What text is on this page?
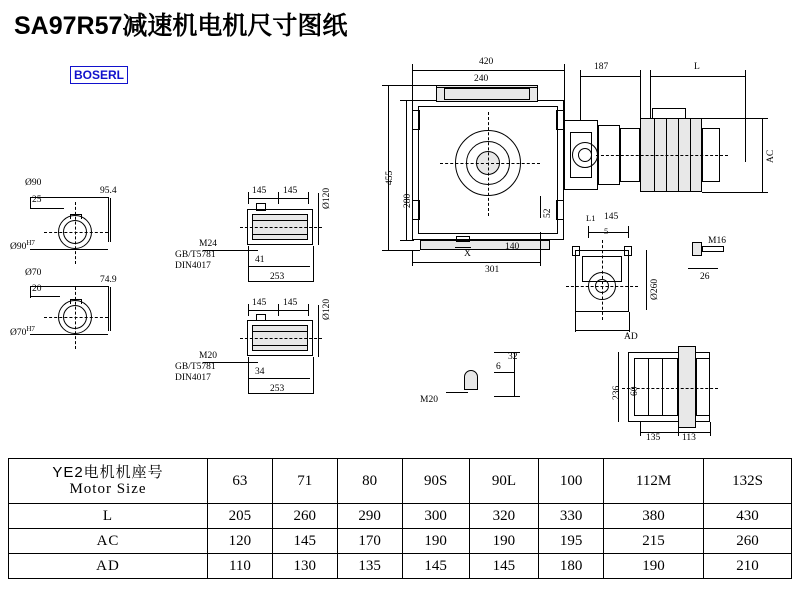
SA97R57减速机电机尺寸图纸
BOSERL
Ø90
25
95.4
$Ø90^{H7}$
Ø70
20
74.9
$Ø70^{H7}$
145 145	Ø120
41
253
M24
GB/T5781
DIN4017
145 145	Ø120
34
253
M20
GB/T5781
DIN4017
420
240
187	L
AC
455
280
52
140
301
X
Ø260
AD
L1 145
5
M16
26
32
6
M20	236 60
135 113
YE2电机机座号
Motor Size	63	71	80	90S	90L	100	112M	132S
L	205	260	290	300	320	330	380	430
AC	120	145	170	190	190	195	215	260
AD	110	130	135	145	145	180	190	210
